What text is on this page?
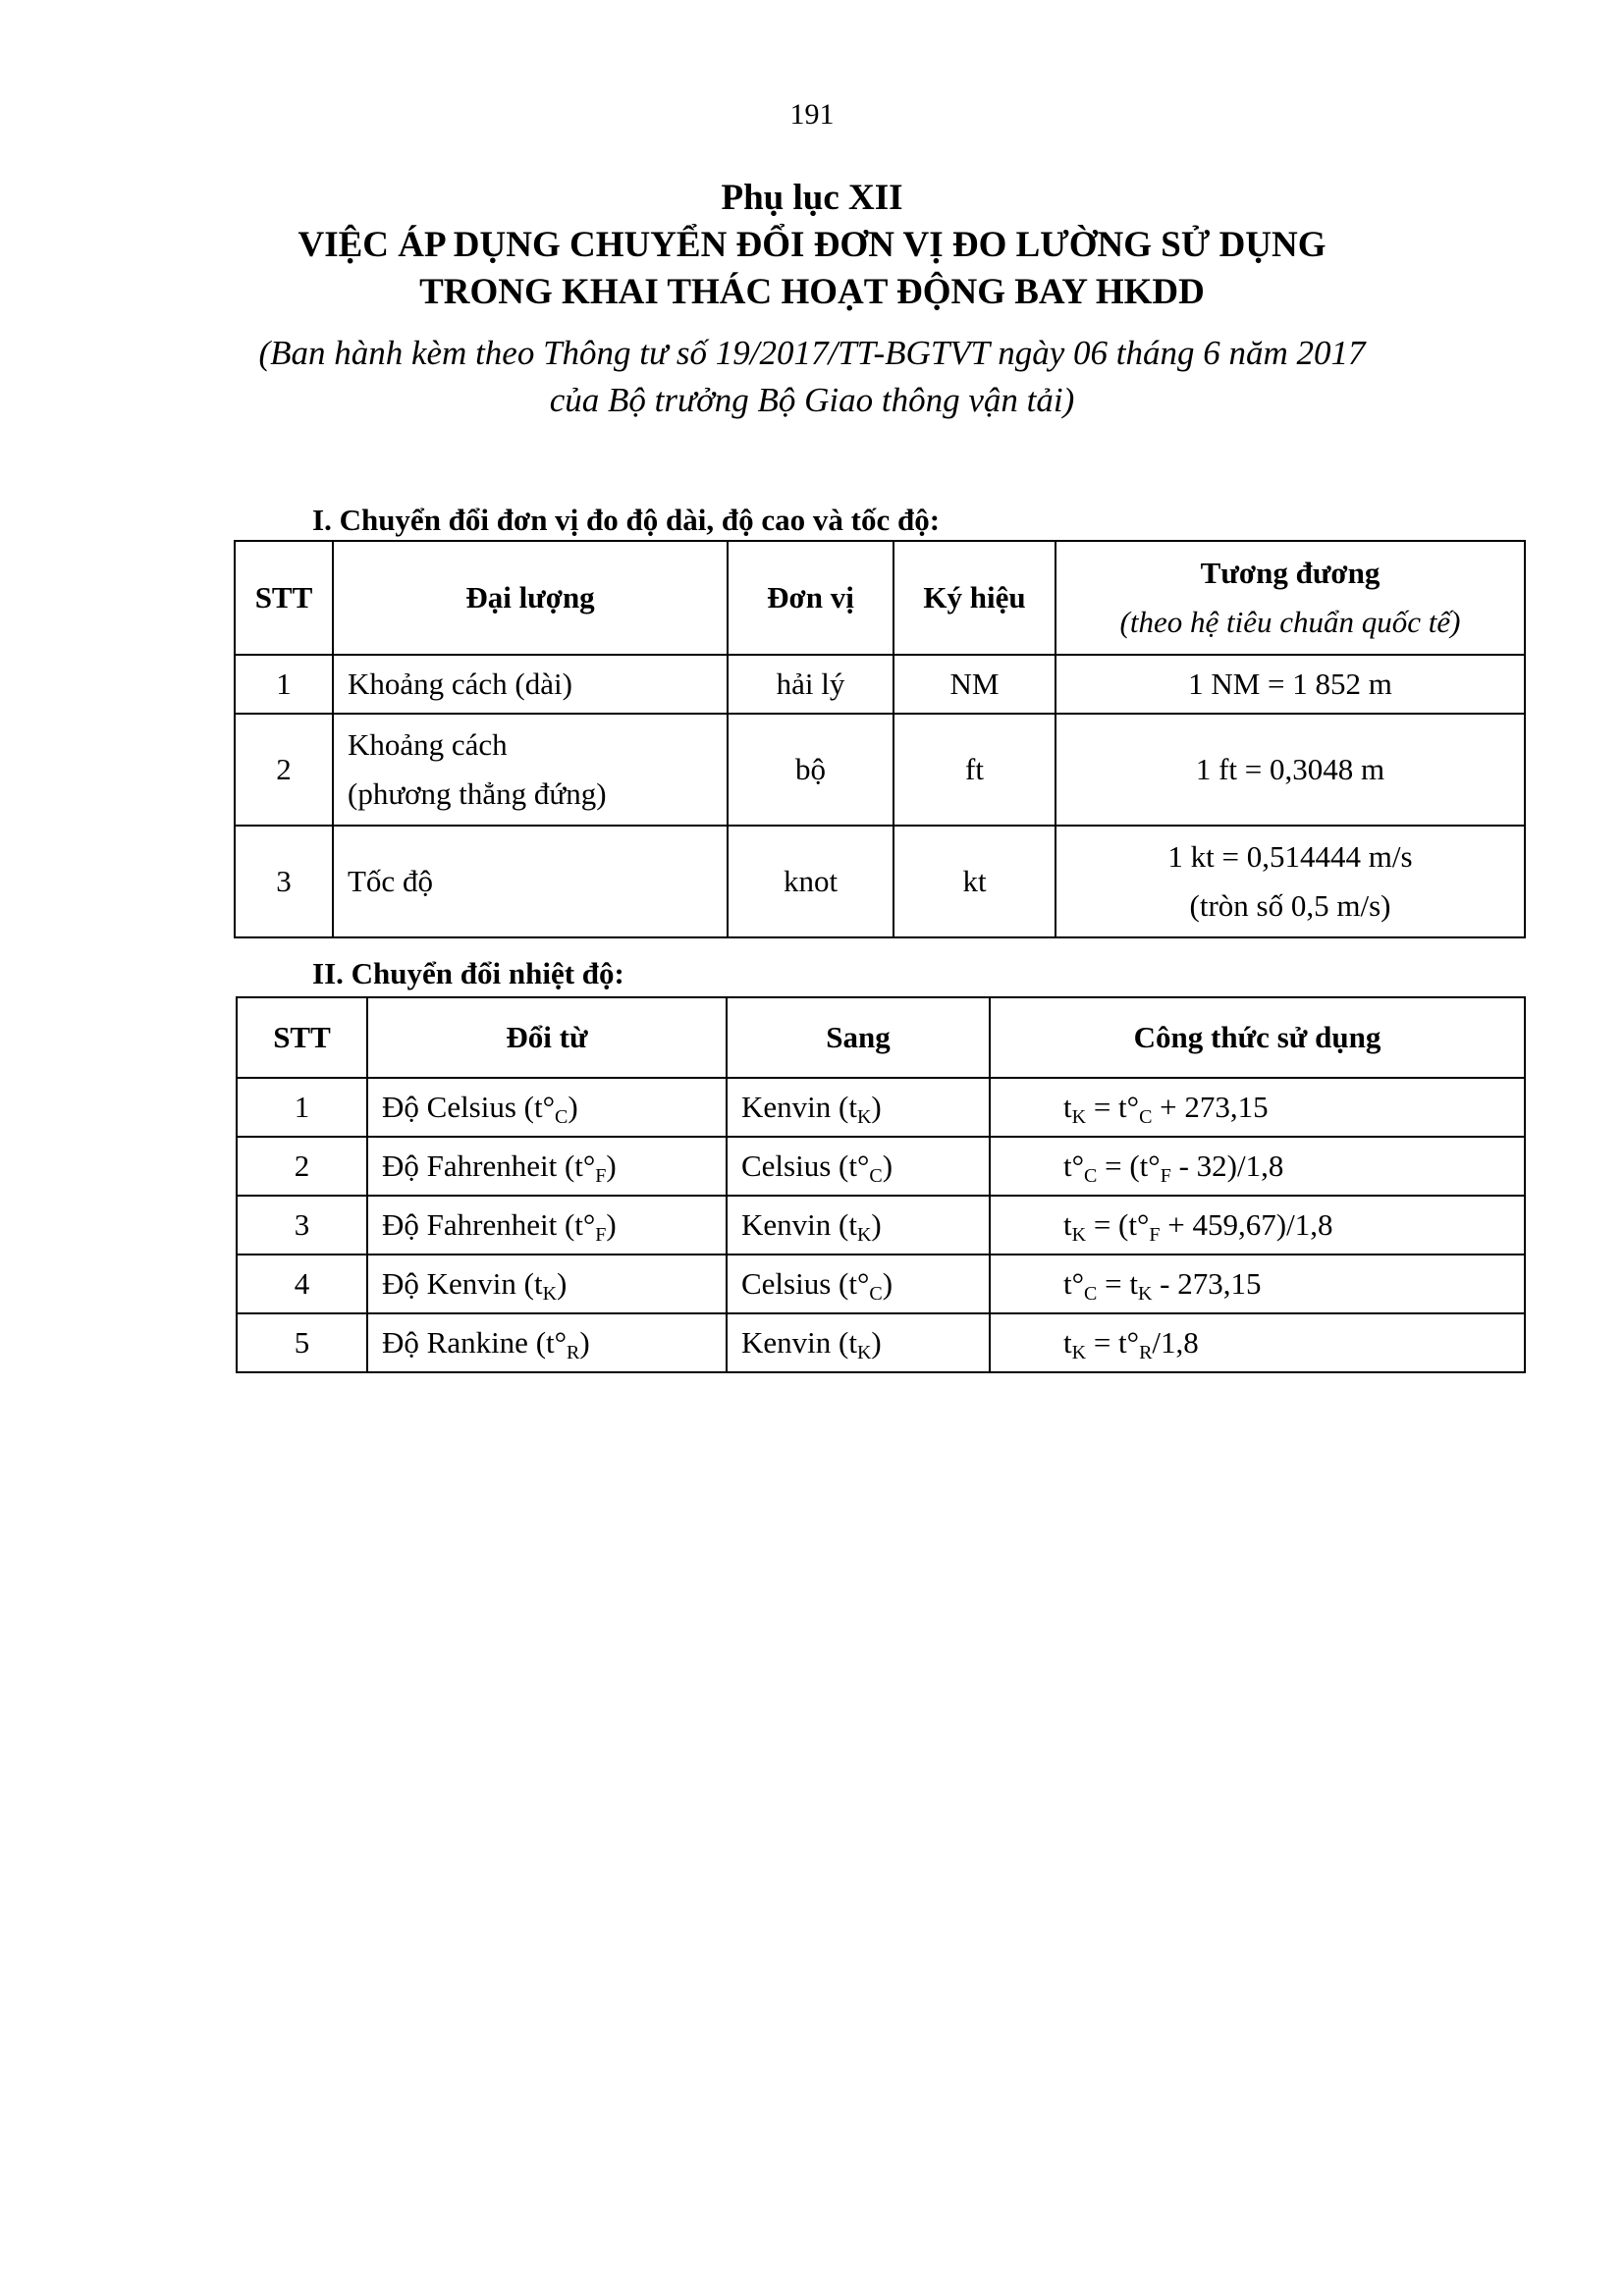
191
Phụ lục XII
VIỆC ÁP DỤNG CHUYỂN ĐỔI ĐƠN VỊ ĐO LƯỜNG SỬ DỤNG
TRONG KHAI THÁC HOẠT ĐỘNG BAY HKDD
(Ban hành kèm theo Thông tư số 19/2017/TT-BGTVT ngày 06 tháng 6 năm 2017
của Bộ trưởng Bộ Giao thông vận tải)
I. Chuyển đổi đơn vị đo độ dài, độ cao và tốc độ:
STT	Đại lượng	Đơn vị	Ký hiệu	Tương đương
(theo hệ tiêu chuẩn quốc tế)

1	Khoảng cách (dài)	hải lý	NM	1 NM = 1 852 m

2	Khoảng cách
(phương thẳng đứng)	bộ	ft	1 ft = 0,3048 m

3	Tốc độ	knot	kt	1 kt = 0,514444 m/s
(tròn số 0,5 m/s)
II. Chuyển đổi nhiệt độ:
STT	Đổi từ	Sang	Công thức sử dụng
1	Độ Celsius $(t^\circ_C)$	Kenvin $(t_K)$	$t_K = t^\circ_C + 273,15$
2	Độ Fahrenheit $(t^\circ_F)$	Celsius $(t^\circ_C)$	$t^\circ_C = (t^\circ_F - 32)/1,8$
3	Độ Fahrenheit $(t^\circ_F)$	Kenvin $(t_K)$	$t_K = (t^\circ_F + 459,67)/1,8$
4	Độ Kenvin $(t_K)$	Celsius $(t^\circ_C)$	$t^\circ_C = t_K - 273,15$
5	Độ Rankine $(t^\circ_R)$	Kenvin $(t_K)$	$t_K = t^\circ_R/1,8$
